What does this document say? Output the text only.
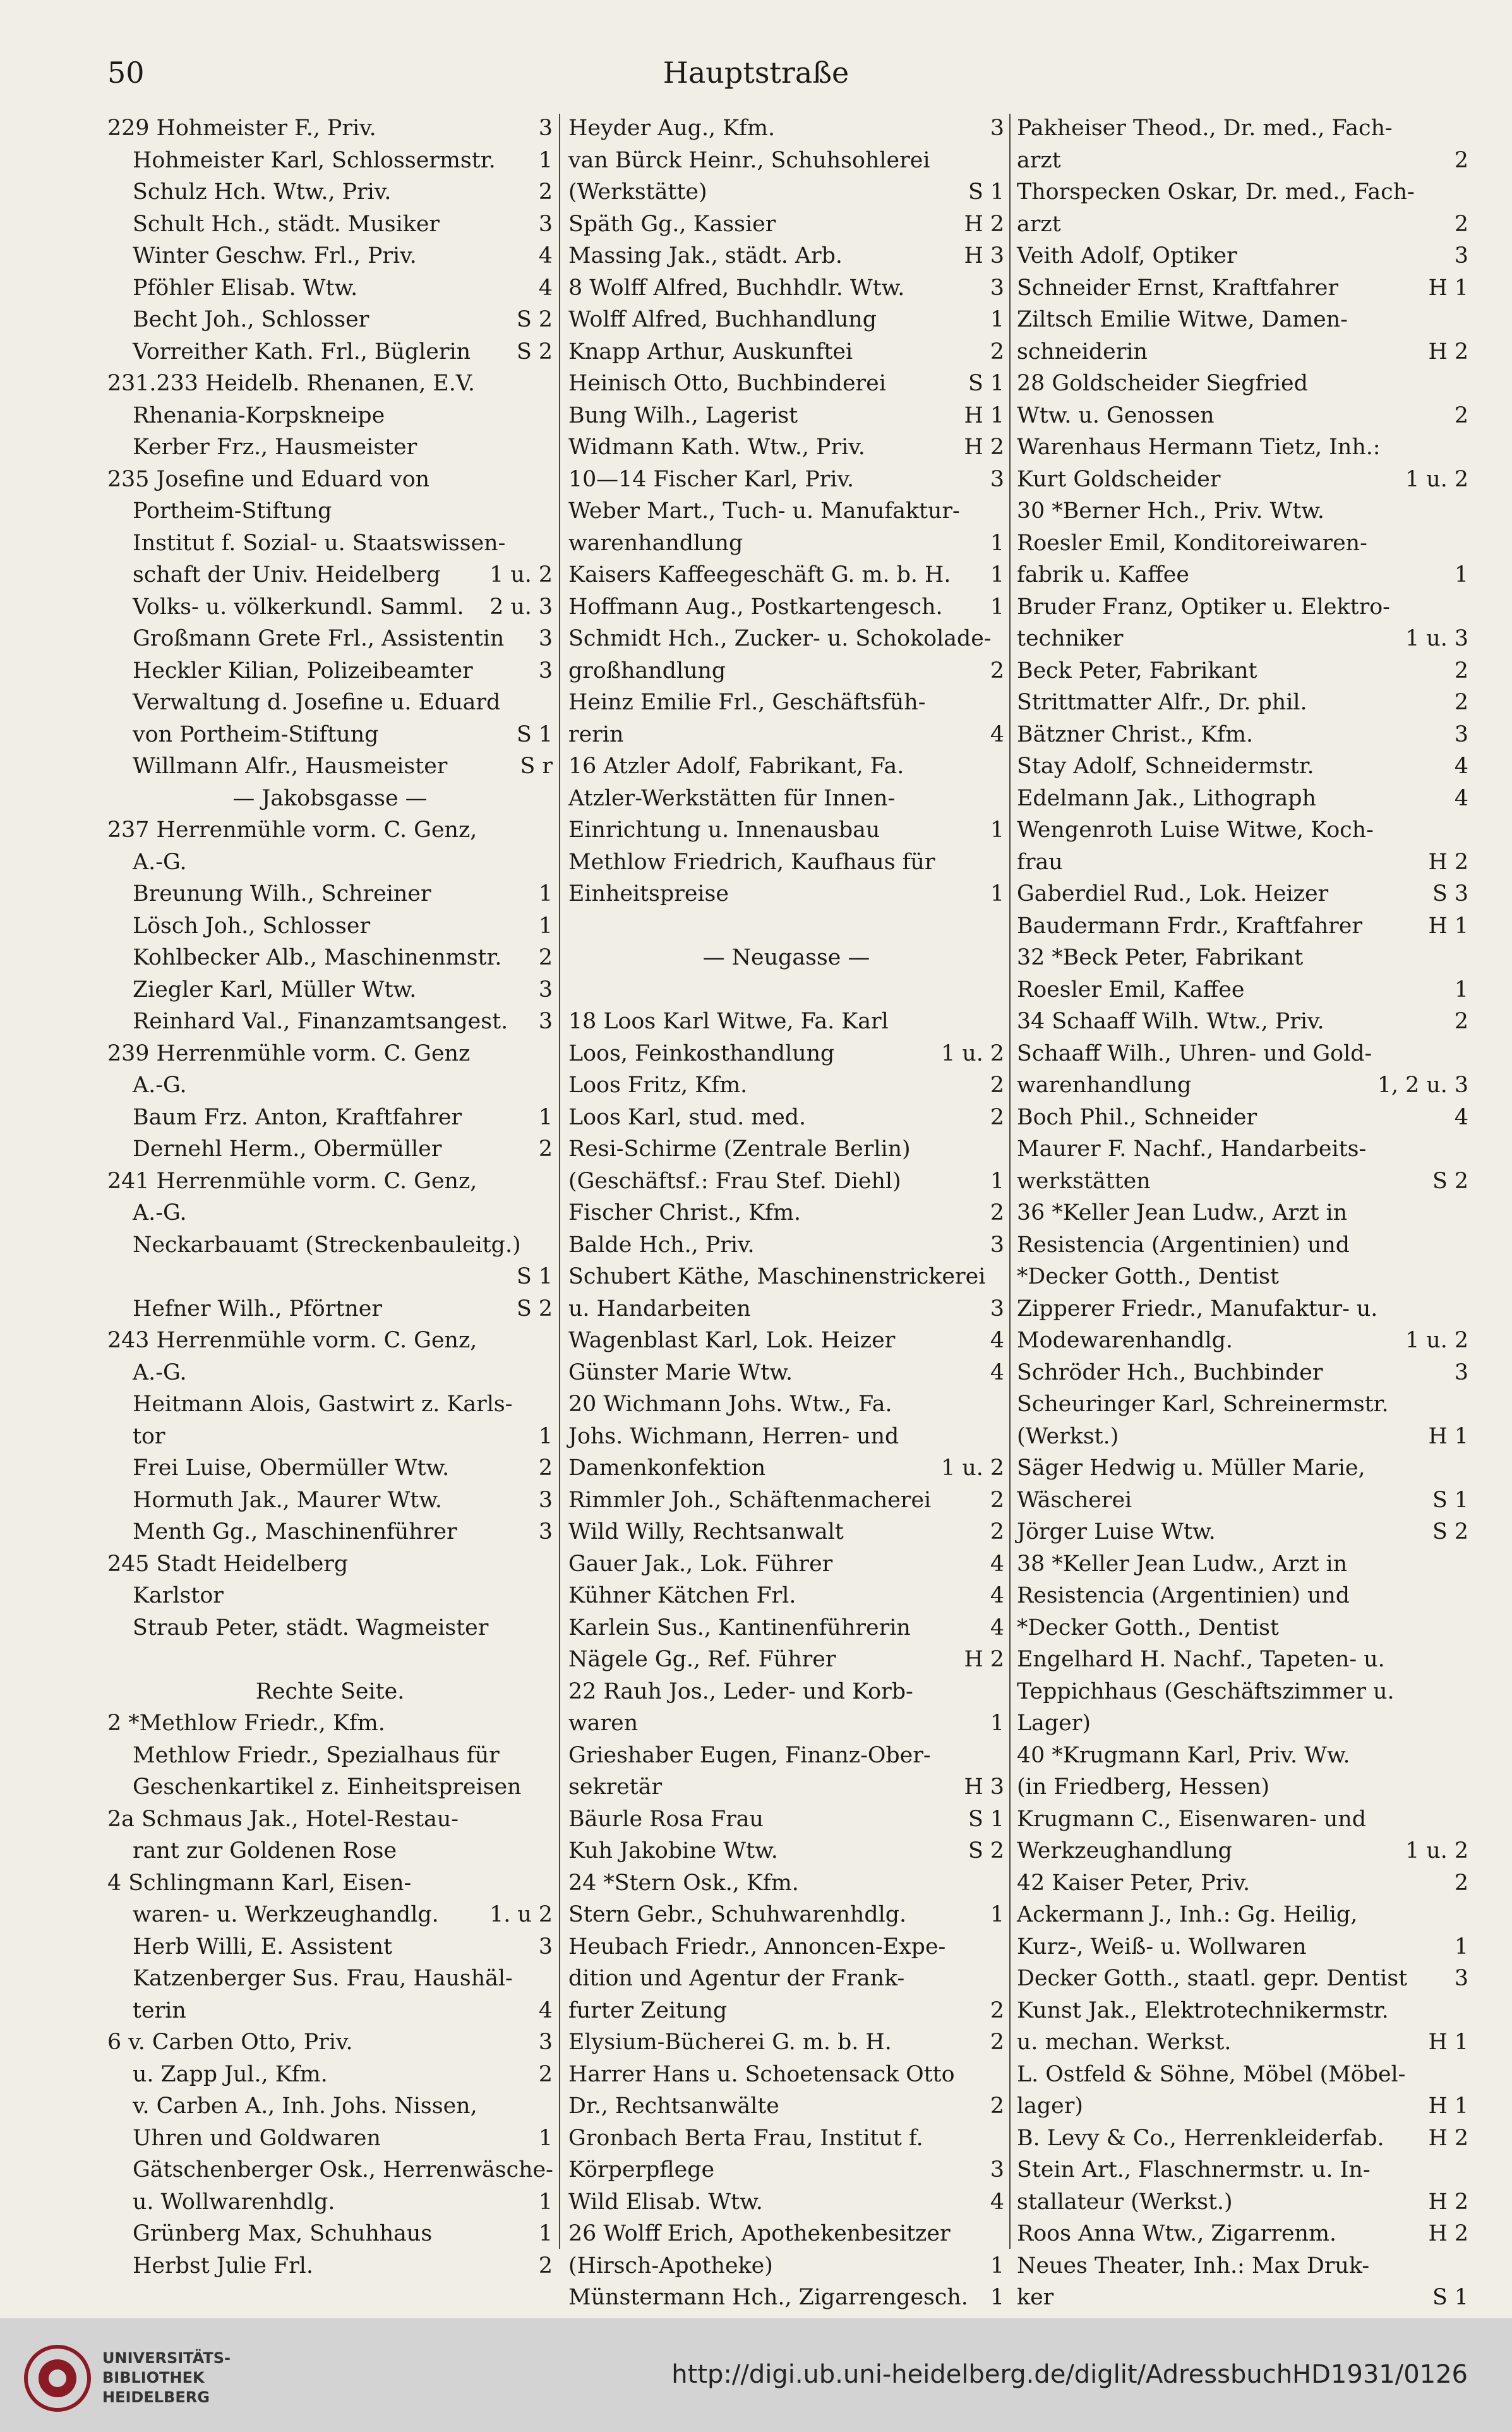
50	Hauptstraße
229 Hohmeister F., Priv.	3
Hohmeister Karl, Schlossermstr.	1
Schulz Hch. Wtw., Priv.	2
Schult Hch., städt. Musiker	3
Winter Geschw. Frl., Priv.	4
Pföhler Elisab. Wtw.	4
Becht Joh., Schlosser	S 2
Vorreither Kath. Frl., Büglerin	S 2
231.233 Heidelb. Rhenanen, E.V.
Rhenania-Korpskneipe
Kerber Frz., Hausmeister
235 Josefine und Eduard von
Portheim-Stiftung
Institut f. Sozial- u. Staatswissen-
schaft der Univ. Heidelberg	1 u. 2
Volks- u. völkerkundl. Samml.	2 u. 3
Großmann Grete Frl., Assistentin	3
Heckler Kilian, Polizeibeamter	3
Verwaltung d. Josefine u. Eduard
von Portheim-Stiftung	S 1
Willmann Alfr., Hausmeister	S r
— Jakobsgasse —
237 Herrenmühle vorm. C. Genz,
A.-G.
Breunung Wilh., Schreiner	1
Lösch Joh., Schlosser	1
Kohlbecker Alb., Maschinenmstr.	2
Ziegler Karl, Müller Wtw.	3
Reinhard Val., Finanzamtsangest.	3
239 Herrenmühle vorm. C. Genz
A.-G.
Baum Frz. Anton, Kraftfahrer	1
Dernehl Herm., Obermüller	2
241 Herrenmühle vorm. C. Genz,
A.-G.
Neckarbauamt (Streckenbauleitg.)
S 1
Hefner Wilh., Pförtner	S 2
243 Herrenmühle vorm. C. Genz,
A.-G.
Heitmann Alois, Gastwirt z. Karls-
tor	1
Frei Luise, Obermüller Wtw.	2
Hormuth Jak., Maurer Wtw.	3
Menth Gg., Maschinenführer	3
245 Stadt Heidelberg
Karlstor
Straub Peter, städt. Wagmeister
Rechte Seite.
2 *Methlow Friedr., Kfm.
Methlow Friedr., Spezialhaus für
Geschenkartikel z. Einheitspreisen
2a Schmaus Jak., Hotel-Restau-
rant zur Goldenen Rose
4 Schlingmann Karl, Eisen-
waren- u. Werkzeughandlg.	1. u 2
Herb Willi, E. Assistent	3
Katzenberger Sus. Frau, Haushäl-
terin	4
6 v. Carben Otto, Priv.	3
u. Zapp Jul., Kfm.	2
v. Carben A., Inh. Johs. Nissen,
Uhren und Goldwaren	1
Gätschenberger Osk., Herrenwäsche-
u. Wollwarenhdlg.	1
Grünberg Max, Schuhhaus	1
Herbst Julie Frl.	2
Heyder Aug., Kfm.	3
van Bürck Heinr., Schuhsohlerei
(Werkstätte)	S 1
Späth Gg., Kassier	H 2
Massing Jak., städt. Arb.	H 3
8 Wolff Alfred, Buchhdlr. Wtw.	3
Wolff Alfred, Buchhandlung	1
Knapp Arthur, Auskunftei	2
Heinisch Otto, Buchbinderei	S 1
Bung Wilh., Lagerist	H 1
Widmann Kath. Wtw., Priv.	H 2
10—14 Fischer Karl, Priv.	3
Weber Mart., Tuch- u. Manufaktur-
warenhandlung	1
Kaisers Kaffeegeschäft G. m. b. H.	1
Hoffmann Aug., Postkartengesch.	1
Schmidt Hch., Zucker- u. Schokolade-
großhandlung	2
Heinz Emilie Frl., Geschäftsfüh-
rerin	4
16 Atzler Adolf, Fabrikant, Fa.
Atzler-Werkstätten für Innen-
Einrichtung u. Innenausbau	1
Methlow Friedrich, Kaufhaus für
Einheitspreise	1
— Neugasse —
18 Loos Karl Witwe, Fa. Karl
Loos, Feinkosthandlung	1 u. 2
Loos Fritz, Kfm.	2
Loos Karl, stud. med.	2
Resi-Schirme (Zentrale Berlin)
(Geschäftsf.: Frau Stef. Diehl)	1
Fischer Christ., Kfm.	2
Balde Hch., Priv.	3
Schubert Käthe, Maschinenstrickerei
u. Handarbeiten	3
Wagenblast Karl, Lok. Heizer	4
Günster Marie Wtw.	4
20 Wichmann Johs. Wtw., Fa.
Johs. Wichmann, Herren- und
Damenkonfektion	1 u. 2
Rimmler Joh., Schäftenmacherei	2
Wild Willy, Rechtsanwalt	2
Gauer Jak., Lok. Führer	4
Kühner Kätchen Frl.	4
Karlein Sus., Kantinenführerin	4
Nägele Gg., Ref. Führer	H 2
22 Rauh Jos., Leder- und Korb-
waren	1
Grieshaber Eugen, Finanz-Ober-
sekretär	H 3
Bäurle Rosa Frau	S 1
Kuh Jakobine Wtw.	S 2
24 *Stern Osk., Kfm.
Stern Gebr., Schuhwarenhdlg.	1
Heubach Friedr., Annoncen-Expe-
dition und Agentur der Frank-
furter Zeitung	2
Elysium-Bücherei G. m. b. H.	2
Harrer Hans u. Schoetensack Otto
Dr., Rechtsanwälte	2
Gronbach Berta Frau, Institut f.
Körperpflege	3
Wild Elisab. Wtw.	4
26 Wolff Erich, Apothekenbesitzer
(Hirsch-Apotheke)	1
Münstermann Hch., Zigarrengesch.	1
Pakheiser Theod., Dr. med., Fach-
arzt	2
Thorspecken Oskar, Dr. med., Fach-
arzt	2
Veith Adolf, Optiker	3
Schneider Ernst, Kraftfahrer	H 1
Ziltsch Emilie Witwe, Damen-
schneiderin	H 2
28 Goldscheider Siegfried
Wtw. u. Genossen	2
Warenhaus Hermann Tietz, Inh.:
Kurt Goldscheider	1 u. 2
30 *Berner Hch., Priv. Wtw.
Roesler Emil, Konditoreiwaren-
fabrik u. Kaffee	1
Bruder Franz, Optiker u. Elektro-
techniker	1 u. 3
Beck Peter, Fabrikant	2
Strittmatter Alfr., Dr. phil.	2
Bätzner Christ., Kfm.	3
Stay Adolf, Schneidermstr.	4
Edelmann Jak., Lithograph	4
Wengenroth Luise Witwe, Koch-
frau	H 2
Gaberdiel Rud., Lok. Heizer	S 3
Baudermann Frdr., Kraftfahrer	H 1
32 *Beck Peter, Fabrikant
Roesler Emil, Kaffee	1
34 Schaaff Wilh. Wtw., Priv.	2
Schaaff Wilh., Uhren- und Gold-
warenhandlung	1, 2 u. 3
Boch Phil., Schneider	4
Maurer F. Nachf., Handarbeits-
werkstätten	S 2
36 *Keller Jean Ludw., Arzt in
Resistencia (Argentinien) und
*Decker Gotth., Dentist
Zipperer Friedr., Manufaktur- u.
Modewarenhandlg.	1 u. 2
Schröder Hch., Buchbinder	3
Scheuringer Karl, Schreinermstr.
(Werkst.)	H 1
Säger Hedwig u. Müller Marie,
Wäscherei	S 1
Jörger Luise Wtw.	S 2
38 *Keller Jean Ludw., Arzt in
Resistencia (Argentinien) und
*Decker Gotth., Dentist
Engelhard H. Nachf., Tapeten- u.
Teppichhaus (Geschäftszimmer u.
Lager)
40 *Krugmann Karl, Priv. Ww.
(in Friedberg, Hessen)
Krugmann C., Eisenwaren- und
Werkzeughandlung	1 u. 2
42 Kaiser Peter, Priv.	2
Ackermann J., Inh.: Gg. Heilig,
Kurz-, Weiß- u. Wollwaren	1
Decker Gotth., staatl. gepr. Dentist	3
Kunst Jak., Elektrotechnikermstr.
u. mechan. Werkst.	H 1
L. Ostfeld & Söhne, Möbel (Möbel-
lager)	H 1
B. Levy & Co., Herrenkleiderfab.	H 2
Stein Art., Flaschnermstr. u. In-
stallateur (Werkst.)	H 2
Roos Anna Wtw., Zigarrenm.	H 2
Neues Theater, Inh.: Max Druk-
ker	S 1
UNIVERSITÄTS-
BIBLIOTHEK
HEIDELBERG
http://digi.ub.uni-heidelberg.de/diglit/AdressbuchHD1931/0126
